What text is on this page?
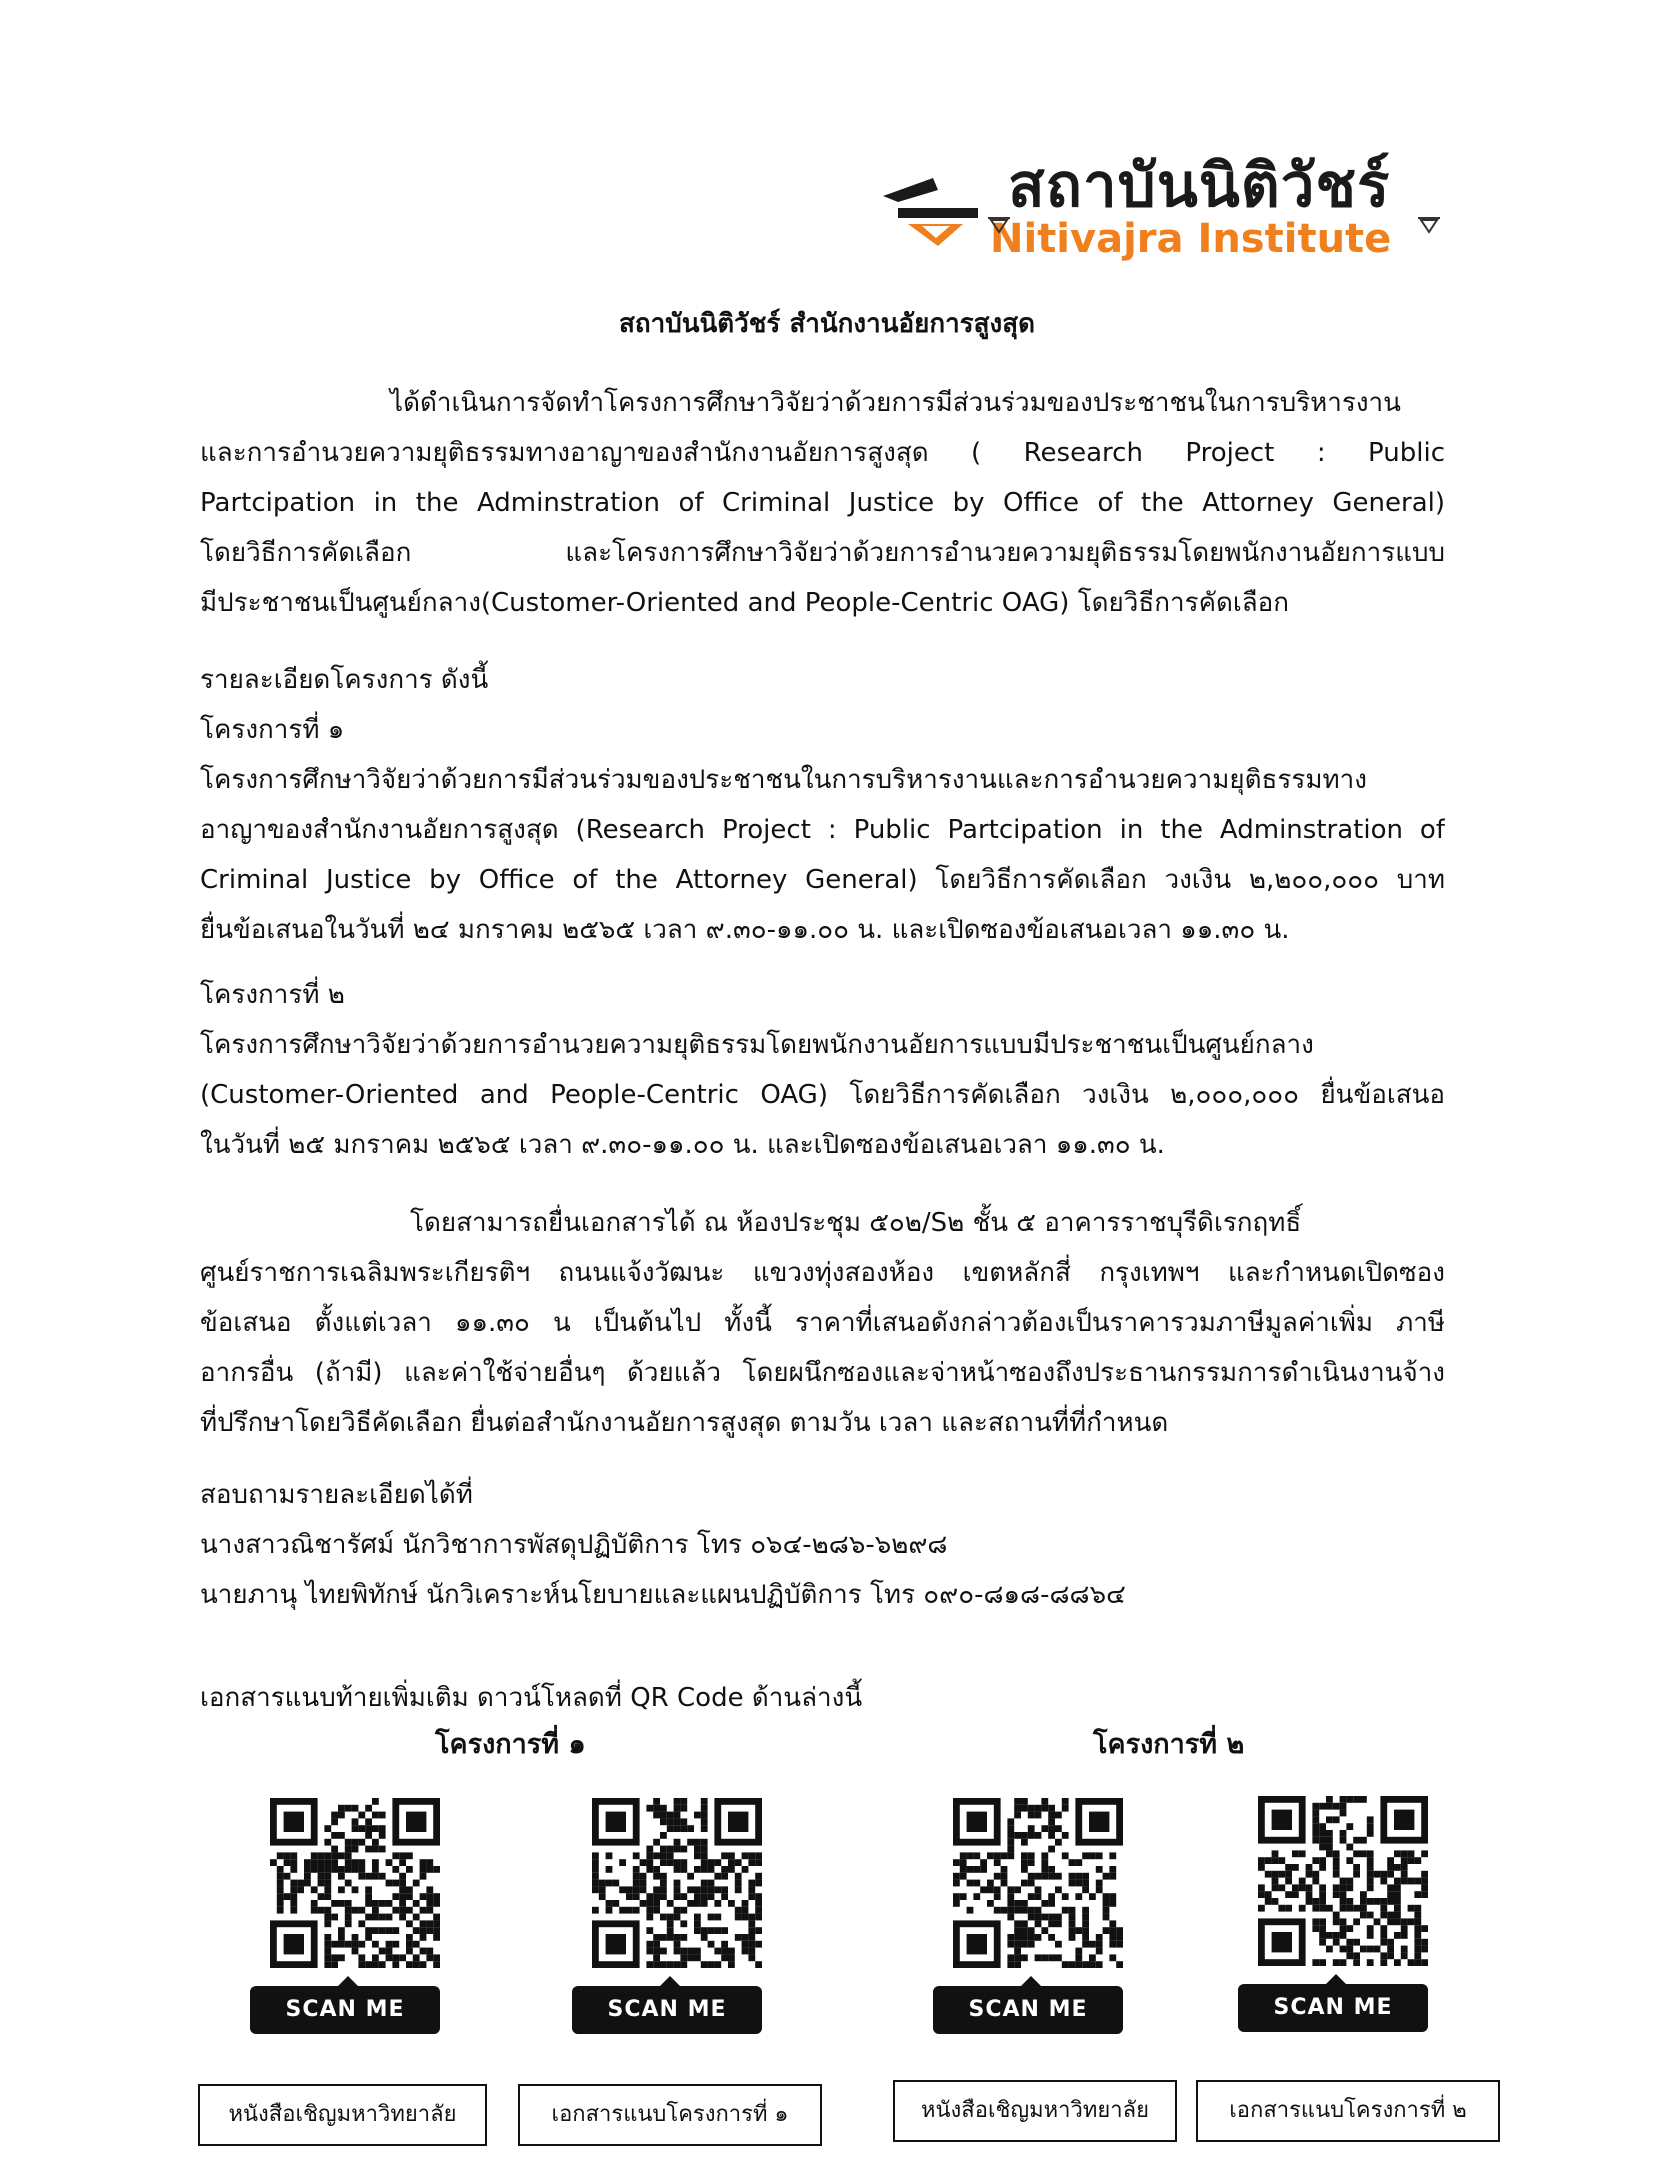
สถาบันนิติวัชร์
Nitivajra Institute
สถาบันนิติวัชร์ สำนักงานอัยการสูงสุด
ได้ดำเนินการจัดทำโครงการศึกษาวิจัยว่าด้วยการมีส่วนร่วมของประชาชนในการบริหารงาน
และการอำนวยความยุติธรรมทางอาญาของสำนักงานอัยการสูงสุด ( Research Project : Public
Partcipation in the Adminstration of Criminal Justice by Office of the Attorney General)
โดยวิธีการคัดเลือก และโครงการศึกษาวิจัยว่าด้วยการอำนวยความยุติธรรมโดยพนักงานอัยการแบบ
มีประชาชนเป็นศูนย์กลาง(Customer-Oriented and People-Centric OAG) โดยวิธีการคัดเลือก
รายละเอียดโครงการ ดังนี้
โครงการที่ ๑
โครงการศึกษาวิจัยว่าด้วยการมีส่วนร่วมของประชาชนในการบริหารงานและการอำนวยความยุติธรรมทาง
อาญาของสำนักงานอัยการสูงสุด (Research Project : Public Partcipation in the Adminstration of
Criminal Justice by Office of the Attorney General) โดยวิธีการคัดเลือก วงเงิน ๒,๒๐๐,๐๐๐ บาท
ยื่นข้อเสนอในวันที่ ๒๔ มกราคม ๒๕๖๕ เวลา ๙.๓๐-๑๑.๐๐ น. และเปิดซองข้อเสนอเวลา ๑๑.๓๐ น.
โครงการที่ ๒
โครงการศึกษาวิจัยว่าด้วยการอำนวยความยุติธรรมโดยพนักงานอัยการแบบมีประชาชนเป็นศูนย์กลาง
(Customer-Oriented and People-Centric OAG) โดยวิธีการคัดเลือก วงเงิน ๒,๐๐๐,๐๐๐ ยื่นข้อเสนอ
ในวันที่ ๒๕ มกราคม ๒๕๖๕ เวลา ๙.๓๐-๑๑.๐๐ น. และเปิดซองข้อเสนอเวลา ๑๑.๓๐ น.
โดยสามารถยื่นเอกสารได้ ณ ห้องประชุม ๕๐๒/S๒ ชั้น ๕ อาคารราชบุรีดิเรกฤทธิ์
ศูนย์ราชการเฉลิมพระเกียรติฯ ถนนแจ้งวัฒนะ แขวงทุ่งสองห้อง เขตหลักสี่ กรุงเทพฯ และกำหนดเปิดซอง
ข้อเสนอ ตั้งแต่เวลา ๑๑.๓๐ น เป็นต้นไป ทั้งนี้ ราคาที่เสนอดังกล่าวต้องเป็นราคารวมภาษีมูลค่าเพิ่ม ภาษี
อากรอื่น (ถ้ามี) และค่าใช้จ่ายอื่นๆ ด้วยแล้ว โดยผนึกซองและจ่าหน้าซองถึงประธานกรรมการดำเนินงานจ้าง
ที่ปรึกษาโดยวิธีคัดเลือก ยื่นต่อสำนักงานอัยการสูงสุด ตามวัน เวลา และสถานที่ที่กำหนด
สอบถามรายละเอียดได้ที่
นางสาวณิชารัศม์ นักวิชาการพัสดุปฏิบัติการ โทร ๐๖๔-๒๘๖-๖๒๙๘
นายภานุ ไทยพิทักษ์ นักวิเคราะห์นโยบายและแผนปฏิบัติการ โทร ๐๙๐-๘๑๘-๘๘๖๔
เอกสารแนบท้ายเพิ่มเติม ดาวน์โหลดที่ QR Code ด้านล่างนี้
โครงการที่ ๑	โครงการที่ ๒
SCAN ME	SCAN ME	SCAN ME	SCAN ME
หนังสือเชิญมหาวิทยาลัย	เอกสารแนบโครงการที่ ๑	หนังสือเชิญมหาวิทยาลัย	เอกสารแนบโครงการที่ ๒
